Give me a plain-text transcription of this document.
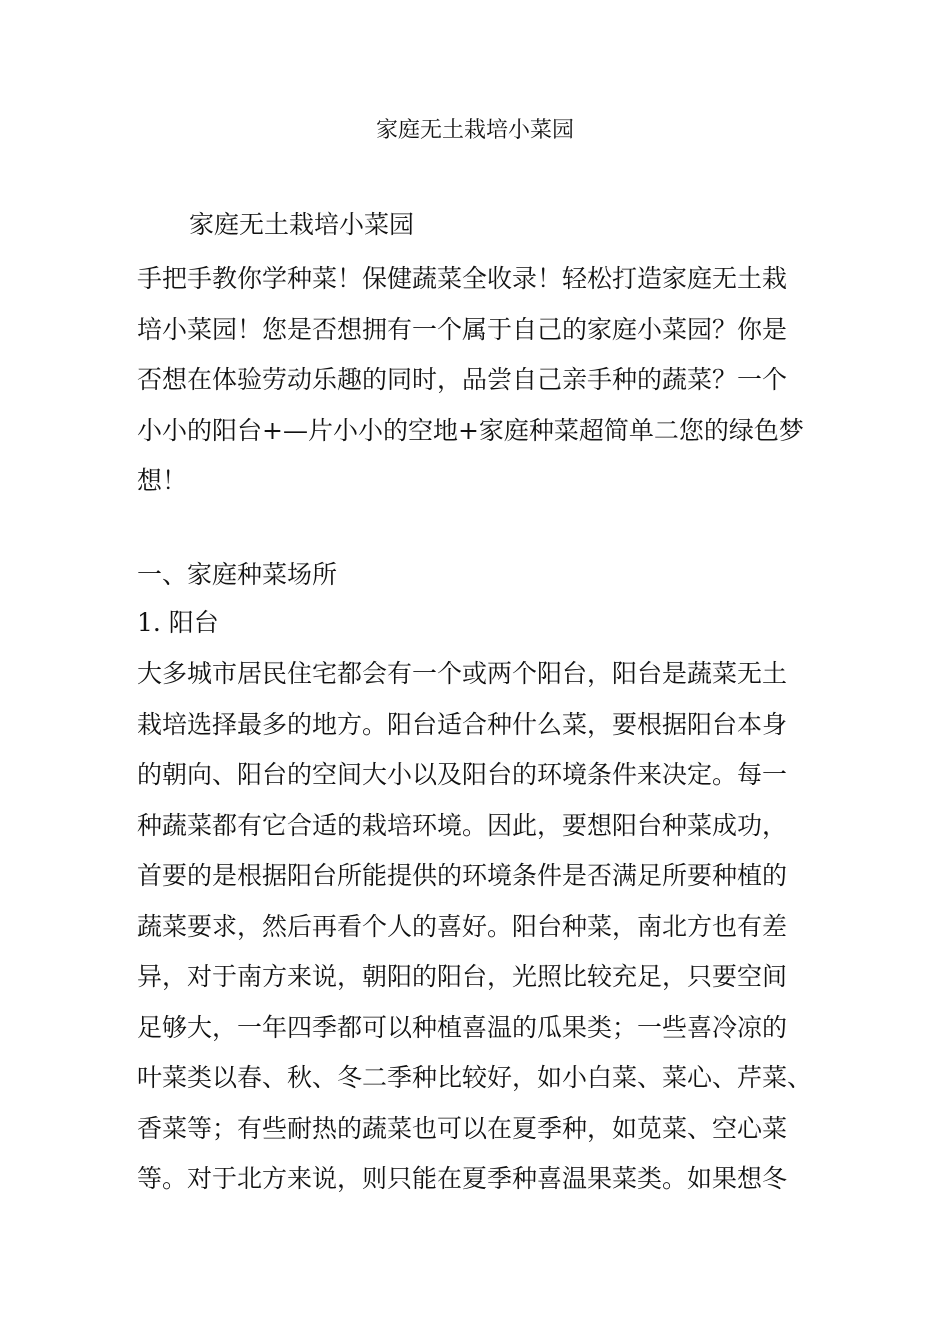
家庭无土栽培小菜园
家庭无土栽培小菜园

手把手教你学种菜！保健蔬菜全收录！轻松打造家庭无土栽
培小菜园！您是否想拥有一个属于自己的家庭小菜园？你是
否想在体验劳动乐趣的同时，品尝自己亲手种的蔬菜？一个
小小的阳台+—片小小的空地+家庭种菜超简单二您的绿色梦
想！

一、家庭种菜场所
1. 阳台

大多城市居民住宅都会有一个或两个阳台，阳台是蔬菜无土
栽培选择最多的地方。阳台适合种什么菜，要根据阳台本身
的朝向、阳台的空间大小以及阳台的环境条件来决定。每一
种蔬菜都有它合适的栽培环境。因此，要想阳台种菜成功，
首要的是根据阳台所能提供的环境条件是否满足所要种植的
蔬菜要求，然后再看个人的喜好。阳台种菜，南北方也有差
异，对于南方来说，朝阳的阳台，光照比较充足，只要空间
足够大，一年四季都可以种植喜温的瓜果类；一些喜冷凉的
叶菜类以春、秋、冬二季种比较好，如小白菜、菜心、芹菜、
香菜等；有些耐热的蔬菜也可以在夏季种，如苋菜、空心菜
等。对于北方来说，则只能在夏季种喜温果菜类。如果想冬
